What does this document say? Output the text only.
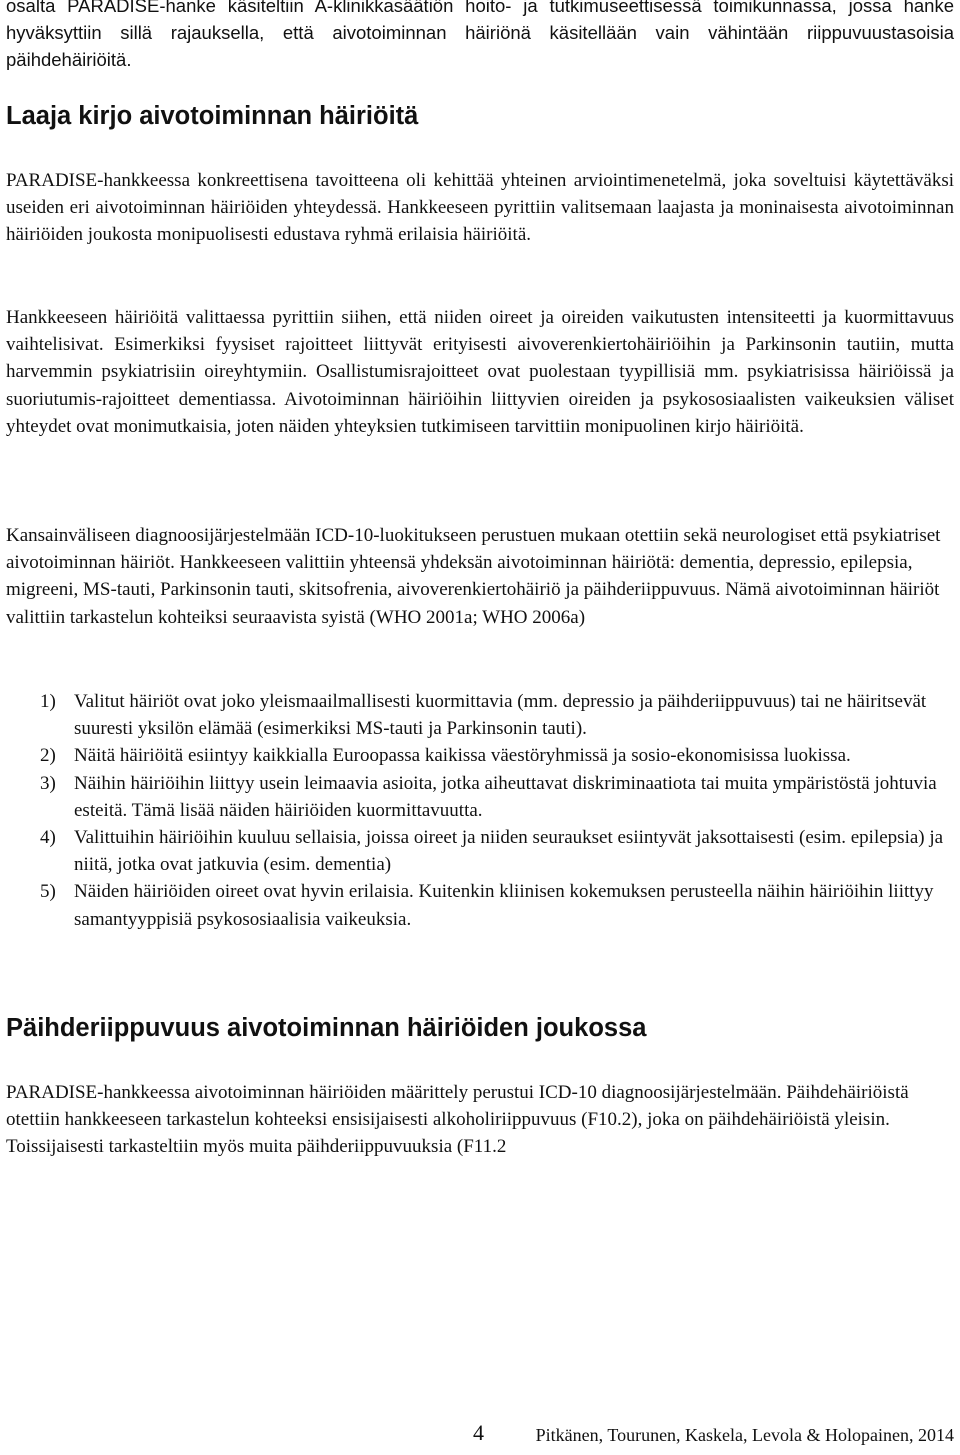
osalta PARADISE-hanke käsiteltiin A-klinikkasäätiön hoito- ja tutkimuseettisessä toimikunnassa, jossa hanke hyväksyttiin sillä rajauksella, että aivotoiminnan häiriönä käsitellään vain vähintään riippuvuustasoisia päihdehäiriöitä.

Laaja kirjo aivotoiminnan häiriöitä

PARADISE-hankkeessa konkreettisena tavoitteena oli kehittää yhteinen arviointimenetelmä, joka soveltuisi käytettäväksi useiden eri aivotoiminnan häiriöiden yhteydessä. Hankkeeseen pyrittiin valitsemaan laajasta ja moninaisesta aivotoiminnan häiriöiden joukosta monipuolisesti edustava ryhmä erilaisia häiriöitä.

Hankkeeseen häiriöitä valittaessa pyrittiin siihen, että niiden oireet ja oireiden vaikutusten intensiteetti ja kuormittavuus vaihtelisivat. Esimerkiksi fyysiset rajoitteet liittyvät erityisesti aivoverenkiertohäiriöihin ja Parkinsonin tautiin, mutta harvemmin psykiatrisiin oireyhtymiin. Osallistumisrajoitteet ovat puolestaan tyypillisiä mm. psykiatrisissa häiriöissä ja suoriutumis-rajoitteet dementiassa. Aivotoiminnan häiriöihin liittyvien oireiden ja psykososiaalisten vaikeuksien väliset yhteydet ovat monimutkaisia, joten näiden yhteyksien tutkimiseen tarvittiin monipuolinen kirjo häiriöitä.

Kansainväliseen diagnoosijärjestelmään ICD-10-luokitukseen perustuen mukaan otettiin sekä neurologiset että psykiatriset aivotoiminnan häiriöt. Hankkeeseen valittiin yhteensä yhdeksän aivotoiminnan häiriötä: dementia, depressio, epilepsia, migreeni, MS-tauti, Parkinsonin tauti, skitsofrenia, aivoverenkiertohäiriö ja päihderiippuvuus. Nämä aivotoiminnan häiriöt valittiin tarkastelun kohteiksi seuraavista syistä (WHO 2001a; WHO 2006a)

1) Valitut häiriöt ovat joko yleismaailmallisesti kuormittavia (mm. depressio ja päihderiippuvuus) tai ne häiritsevät suuresti yksilön elämää (esimerkiksi MS-tauti ja Parkinsonin tauti).
2) Näitä häiriöitä esiintyy kaikkialla Euroopassa kaikissa väestöryhmissä ja sosio-ekonomisissa luokissa.
3) Näihin häiriöihin liittyy usein leimaavia asioita, jotka aiheuttavat diskriminaatiota tai muita ympäristöstä johtuvia esteitä. Tämä lisää näiden häiriöiden kuormittavuutta.
4) Valittuihin häiriöihin kuuluu sellaisia, joissa oireet ja niiden seuraukset esiintyvät jaksottaisesti (esim. epilepsia) ja niitä, jotka ovat jatkuvia (esim. dementia)
5) Näiden häiriöiden oireet ovat hyvin erilaisia. Kuitenkin kliinisen kokemuksen perusteella näihin häiriöihin liittyy samantyyppisiä psykososiaalisia vaikeuksia.
Päihderiippuvuus aivotoiminnan häiriöiden joukossa

PARADISE-hankkeessa aivotoiminnan häiriöiden määrittely perustui ICD-10 diagnoosijärjestelmään. Päihdehäiriöistä otettiin hankkeeseen tarkastelun kohteeksi ensisijaisesti alkoholiriippuvuus (F10.2), joka on päihdehäiriöistä yleisin. Toissijaisesti tarkasteltiin myös muita päihderiippuvuuksia (F11.2

4	Pitkänen, Tourunen, Kaskela, Levola & Holopainen, 2014
